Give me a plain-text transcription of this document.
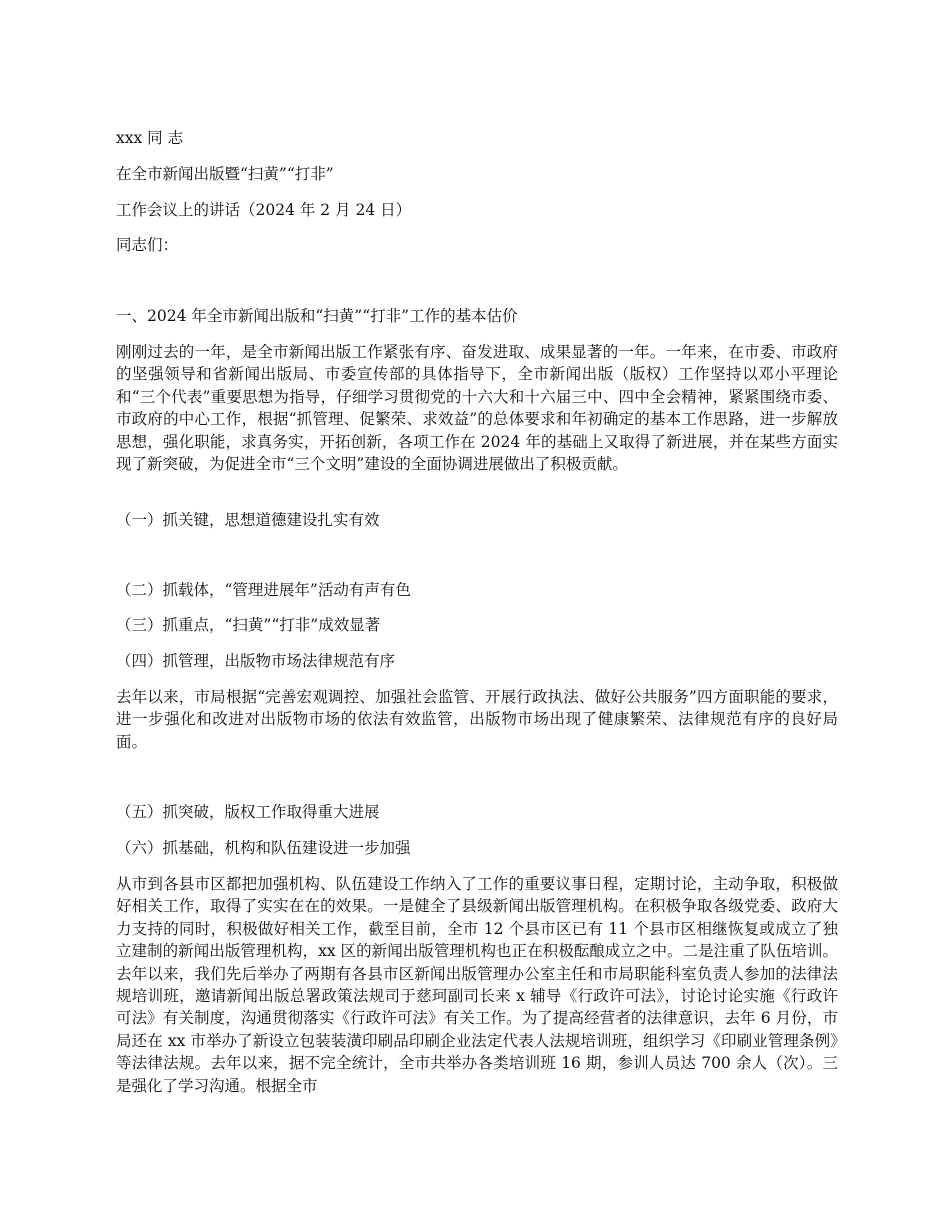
xxx 同 志
在全市新闻出版暨“扫黄”“打非”
工作会议上的讲话（2024 年 2 月 24 日）
同志们：
一、2024 年全市新闻出版和“扫黄”“打非”工作的基本估价
刚刚过去的一年，是全市新闻出版工作紧张有序、奋发进取、成果显著的一年。一年来，在市委、市政府的坚强领导和省新闻出版局、市委宣传部的具体指导下，全市新闻出版（版权）工作坚持以邓小平理论和“三个代表”重要思想为指导，仔细学习贯彻党的十六大和十六届三中、四中全会精神，紧紧围绕市委、市政府的中心工作，根据“抓管理、促繁荣、求效益”的总体要求和年初确定的基本工作思路，进一步解放思想，强化职能，求真务实，开拓创新，各项工作在 2024 年的基础上又取得了新进展，并在某些方面实现了新突破，为促进全市“三个文明”建设的全面协调进展做出了积极贡献。
（一）抓关键，思想道德建设扎实有效
（二）抓载体，“管理进展年”活动有声有色
（三）抓重点，“扫黄”“打非”成效显著
（四）抓管理，出版物市场法律规范有序
去年以来，市局根据“完善宏观调控、加强社会监管、开展行政执法、做好公共服务”四方面职能的要求，进一步强化和改进对出版物市场的依法有效监管，出版物市场出现了健康繁荣、法律规范有序的良好局面。
（五）抓突破，版权工作取得重大进展
（六）抓基础，机构和队伍建设进一步加强
从市到各县市区都把加强机构、队伍建设工作纳入了工作的重要议事日程，定期讨论，主动争取，积极做好相关工作，取得了实实在在的效果。一是健全了县级新闻出版管理机构。在积极争取各级党委、政府大力支持的同时，积极做好相关工作，截至目前，全市 12 个县市区已有 11 个县市区相继恢复或成立了独立建制的新闻出版管理机构，xx 区的新闻出版管理机构也正在积极酝酿成立之中。二是注重了队伍培训。去年以来，我们先后举办了两期有各县市区新闻出版管理办公室主任和市局职能科室负责人参加的法律法规培训班，邀请新闻出版总署政策法规司于慈珂副司长来 x 辅导《行政许可法》，讨论讨论实施《行政许可法》有关制度，沟通贯彻落实《行政许可法》有关工作。为了提高经营者的法律意识，去年 6 月份，市局还在 xx 市举办了新设立包装装潢印刷品印刷企业法定代表人法规培训班，组织学习《印刷业管理条例》等法律法规。去年以来，据不完全统计，全市共举办各类培训班 16 期，参训人员达 700 余人（次）。三是强化了学习沟通。根据全市
